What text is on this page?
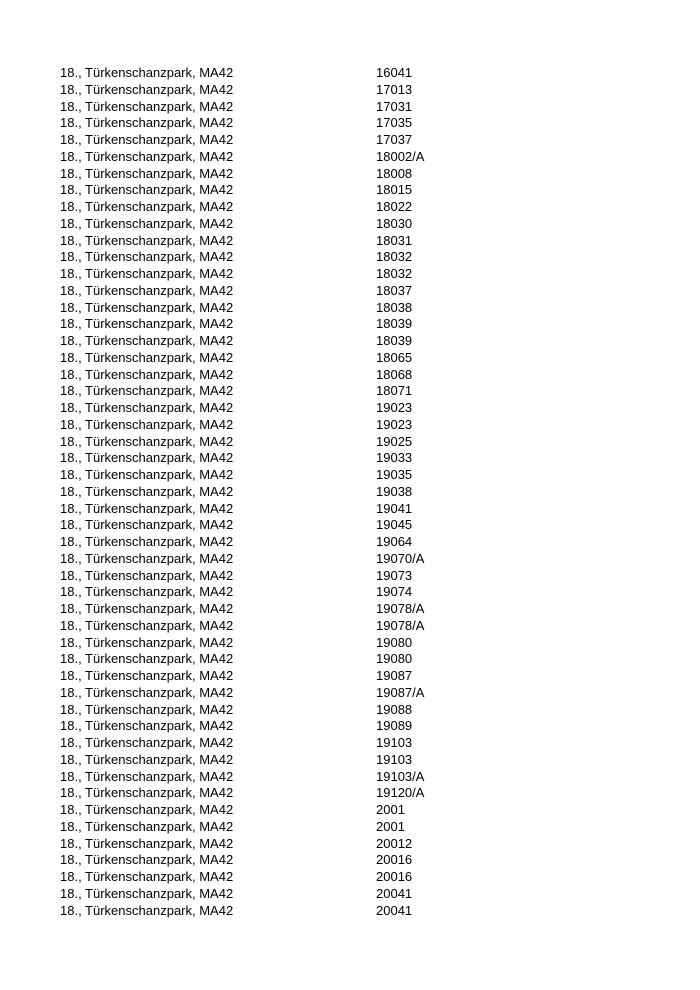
18., Türkenschanzpark, MA42	16041
18., Türkenschanzpark, MA42	17013
18., Türkenschanzpark, MA42	17031
18., Türkenschanzpark, MA42	17035
18., Türkenschanzpark, MA42	17037
18., Türkenschanzpark, MA42	18002/A
18., Türkenschanzpark, MA42	18008
18., Türkenschanzpark, MA42	18015
18., Türkenschanzpark, MA42	18022
18., Türkenschanzpark, MA42	18030
18., Türkenschanzpark, MA42	18031
18., Türkenschanzpark, MA42	18032
18., Türkenschanzpark, MA42	18032
18., Türkenschanzpark, MA42	18037
18., Türkenschanzpark, MA42	18038
18., Türkenschanzpark, MA42	18039
18., Türkenschanzpark, MA42	18039
18., Türkenschanzpark, MA42	18065
18., Türkenschanzpark, MA42	18068
18., Türkenschanzpark, MA42	18071
18., Türkenschanzpark, MA42	19023
18., Türkenschanzpark, MA42	19023
18., Türkenschanzpark, MA42	19025
18., Türkenschanzpark, MA42	19033
18., Türkenschanzpark, MA42	19035
18., Türkenschanzpark, MA42	19038
18., Türkenschanzpark, MA42	19041
18., Türkenschanzpark, MA42	19045
18., Türkenschanzpark, MA42	19064
18., Türkenschanzpark, MA42	19070/A
18., Türkenschanzpark, MA42	19073
18., Türkenschanzpark, MA42	19074
18., Türkenschanzpark, MA42	19078/A
18., Türkenschanzpark, MA42	19078/A
18., Türkenschanzpark, MA42	19080
18., Türkenschanzpark, MA42	19080
18., Türkenschanzpark, MA42	19087
18., Türkenschanzpark, MA42	19087/A
18., Türkenschanzpark, MA42	19088
18., Türkenschanzpark, MA42	19089
18., Türkenschanzpark, MA42	19103
18., Türkenschanzpark, MA42	19103
18., Türkenschanzpark, MA42	19103/A
18., Türkenschanzpark, MA42	19120/A
18., Türkenschanzpark, MA42	2001
18., Türkenschanzpark, MA42	2001
18., Türkenschanzpark, MA42	20012
18., Türkenschanzpark, MA42	20016
18., Türkenschanzpark, MA42	20016
18., Türkenschanzpark, MA42	20041
18., Türkenschanzpark, MA42	20041
